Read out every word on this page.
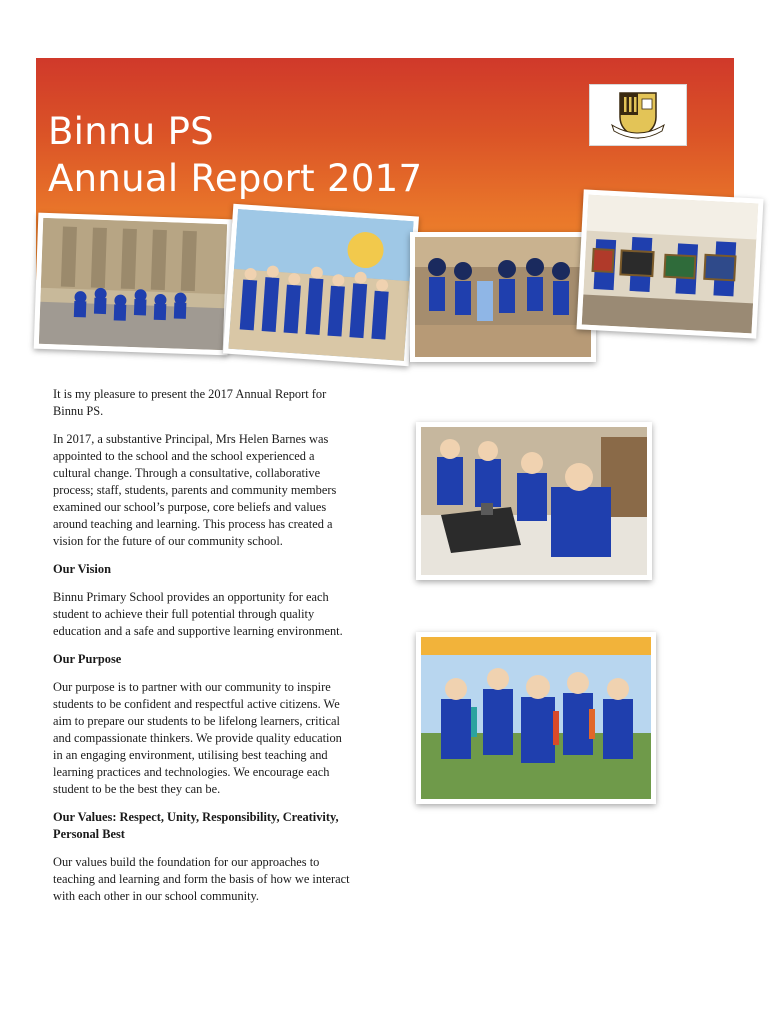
Binnu PS
Annual Report 2017

It is my pleasure to present the 2017 Annual Report for Binnu PS.

In 2017, a substantive Principal, Mrs Helen Barnes was appointed to the school and the school experienced a cultural change. Through a consultative, collaborative process; staff, students, parents and community members examined our school’s purpose, core beliefs and values around teaching and learning. This process has created a vision for the future of our community school.

Our Vision

Binnu Primary School provides an opportunity for each student to achieve their full potential through quality education and a safe and supportive learning environment.

Our Purpose

Our purpose is to partner with our community to inspire students to be confident and respectful active citizens. We aim to prepare our students to be lifelong learners, critical and compassionate thinkers. We provide quality education in an engaging environment, utilising best teaching and learning practices and technologies. We encourage each student to be the best they can be.

Our Values: Respect, Unity, Responsibility, Creativity, Personal Best

Our values build the foundation for our approaches to teaching and learning and form the basis of how we interact with each other in our school community.
